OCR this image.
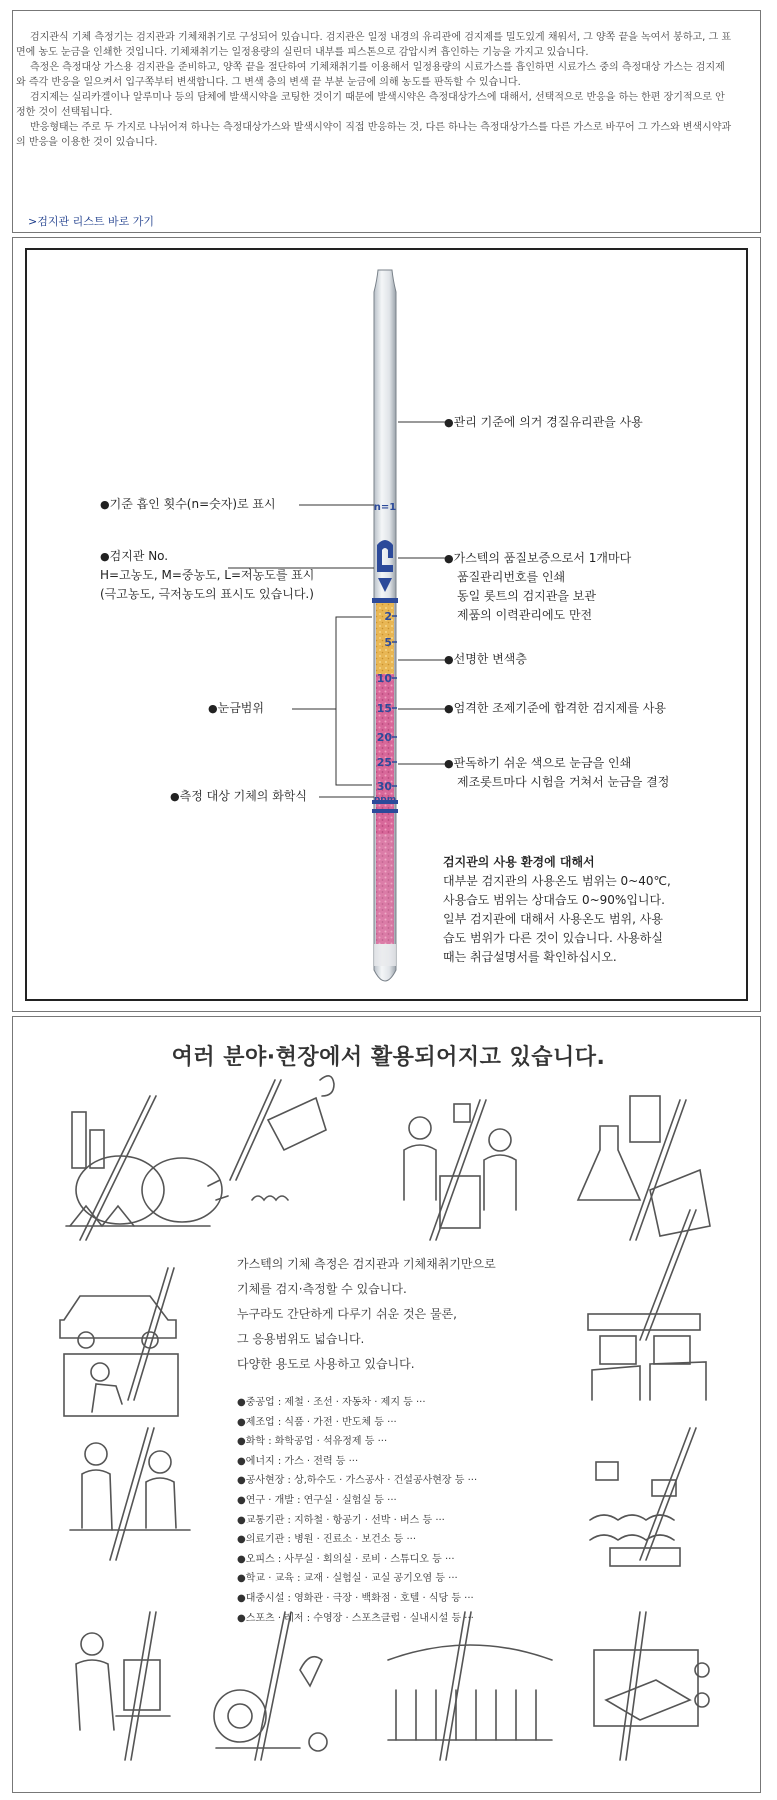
검지관식 기체 측정기는 검지관과 기체채취기로 구성되어 있습니다. 검지관은 일정 내경의 유리관에 검지제를 밀도있게 채워서, 그 양쪽 끝을 녹여서 봉하고, 그 표면에 농도 눈금을 인쇄한 것입니다. 기체채취기는 일정용량의 실린더 내부를 피스톤으로 감압시켜 흡인하는 기능을 가지고 있습니다.

측정은 측정대상 가스용 검지관을 준비하고, 양쪽 끝을 절단하여 기체채취기를 이용해서 일정용량의 시료가스를 흡인하면 시료가스 중의 측정대상 가스는 검지제와 즉각 반응을 일으켜서 입구쪽부터 변색합니다. 그 변색 층의 변색 끝 부분 눈금에 의해 농도를 판독할 수 있습니다.

검지제는 실리카겔이나 알루미나 등의 담체에 발색시약을 코팅한 것이기 때문에 발색시약은 측정대상가스에 대해서, 선택적으로 반응을 하는 한편 장기적으로 안정한 것이 선택됩니다.

반응형태는 주로 두 가지로 나뉘어져 하나는 측정대상가스와 발색시약이 직접 반응하는 것, 다른 하나는 측정대상가스를 다른 가스로 바꾸어 그 가스와 변색시약과의 반응을 이용한 것이 있습니다.

>검지관 리스트 바로 가기
n=1
2
5
10
15
20
25
30
ppm
●관리 기준에 의거 경질유리관을 사용
●기준 흡인 횟수(n=숫자)로 표시
●검지관 No.
H=고농도, M=중농도, L=저농도를 표시
(극고농도, 극저농도의 표시도 있습니다.)
●가스텍의 품질보증으로서 1개마다
품질관리번호를 인쇄
동일 롯트의 검지관을 보관
제품의 이력관리에도 만전
●선명한 변색층
●눈금범위	●엄격한 조제기준에 합격한 검지제를 사용
●판독하기 쉬운 색으로 눈금을 인쇄
제조롯트마다 시험을 거쳐서 눈금을 결정
●측정 대상 기체의 화학식
검지관의 사용 환경에 대해서
대부분 검지관의 사용온도 범위는 0~40℃,
사용습도 범위는 상대습도 0~90%입니다.
일부 검지관에 대해서 사용온도 범위, 사용
습도 범위가 다른 것이 있습니다. 사용하실
때는 취급설명서를 확인하십시오.
여러 분야·현장에서 활용되어지고 있습니다.
가스텍의 기체 측정은 검지관과 기체채취기만으로
기체를 검지·측정할 수 있습니다.
누구라도 간단하게 다루기 쉬운 것은 물론,
그 응용범위도 넓습니다.
다양한 용도로 사용하고 있습니다.
●중공업 : 제철 · 조선 · 자동차 · 제지 등 ···
●제조업 : 식품 · 가전 · 반도체 등 ···
●화학 : 화학공업 · 석유정제 등 ···
●에너지 : 가스 · 전력 등 ···
●공사현장 : 상,하수도 · 가스공사 · 건설공사현장 등 ···
●연구 · 개발 : 연구실 · 실험실 등 ···
●교통기관 : 지하철 · 항공기 · 선박 · 버스 등 ···
●의료기관 : 병원 · 진료소 · 보건소 등 ···
●오피스 : 사무실 · 회의실 · 로비 · 스튜디오 등 ···
●학교 · 교육 : 교재 · 실험실 · 교실 공기오염 등 ···
●대중시설 : 영화관 · 극장 · 백화점 · 호텔 · 식당 등 ···
●스포츠 · 레저 : 수영장 · 스포츠클럽 · 실내시설 등 ···
